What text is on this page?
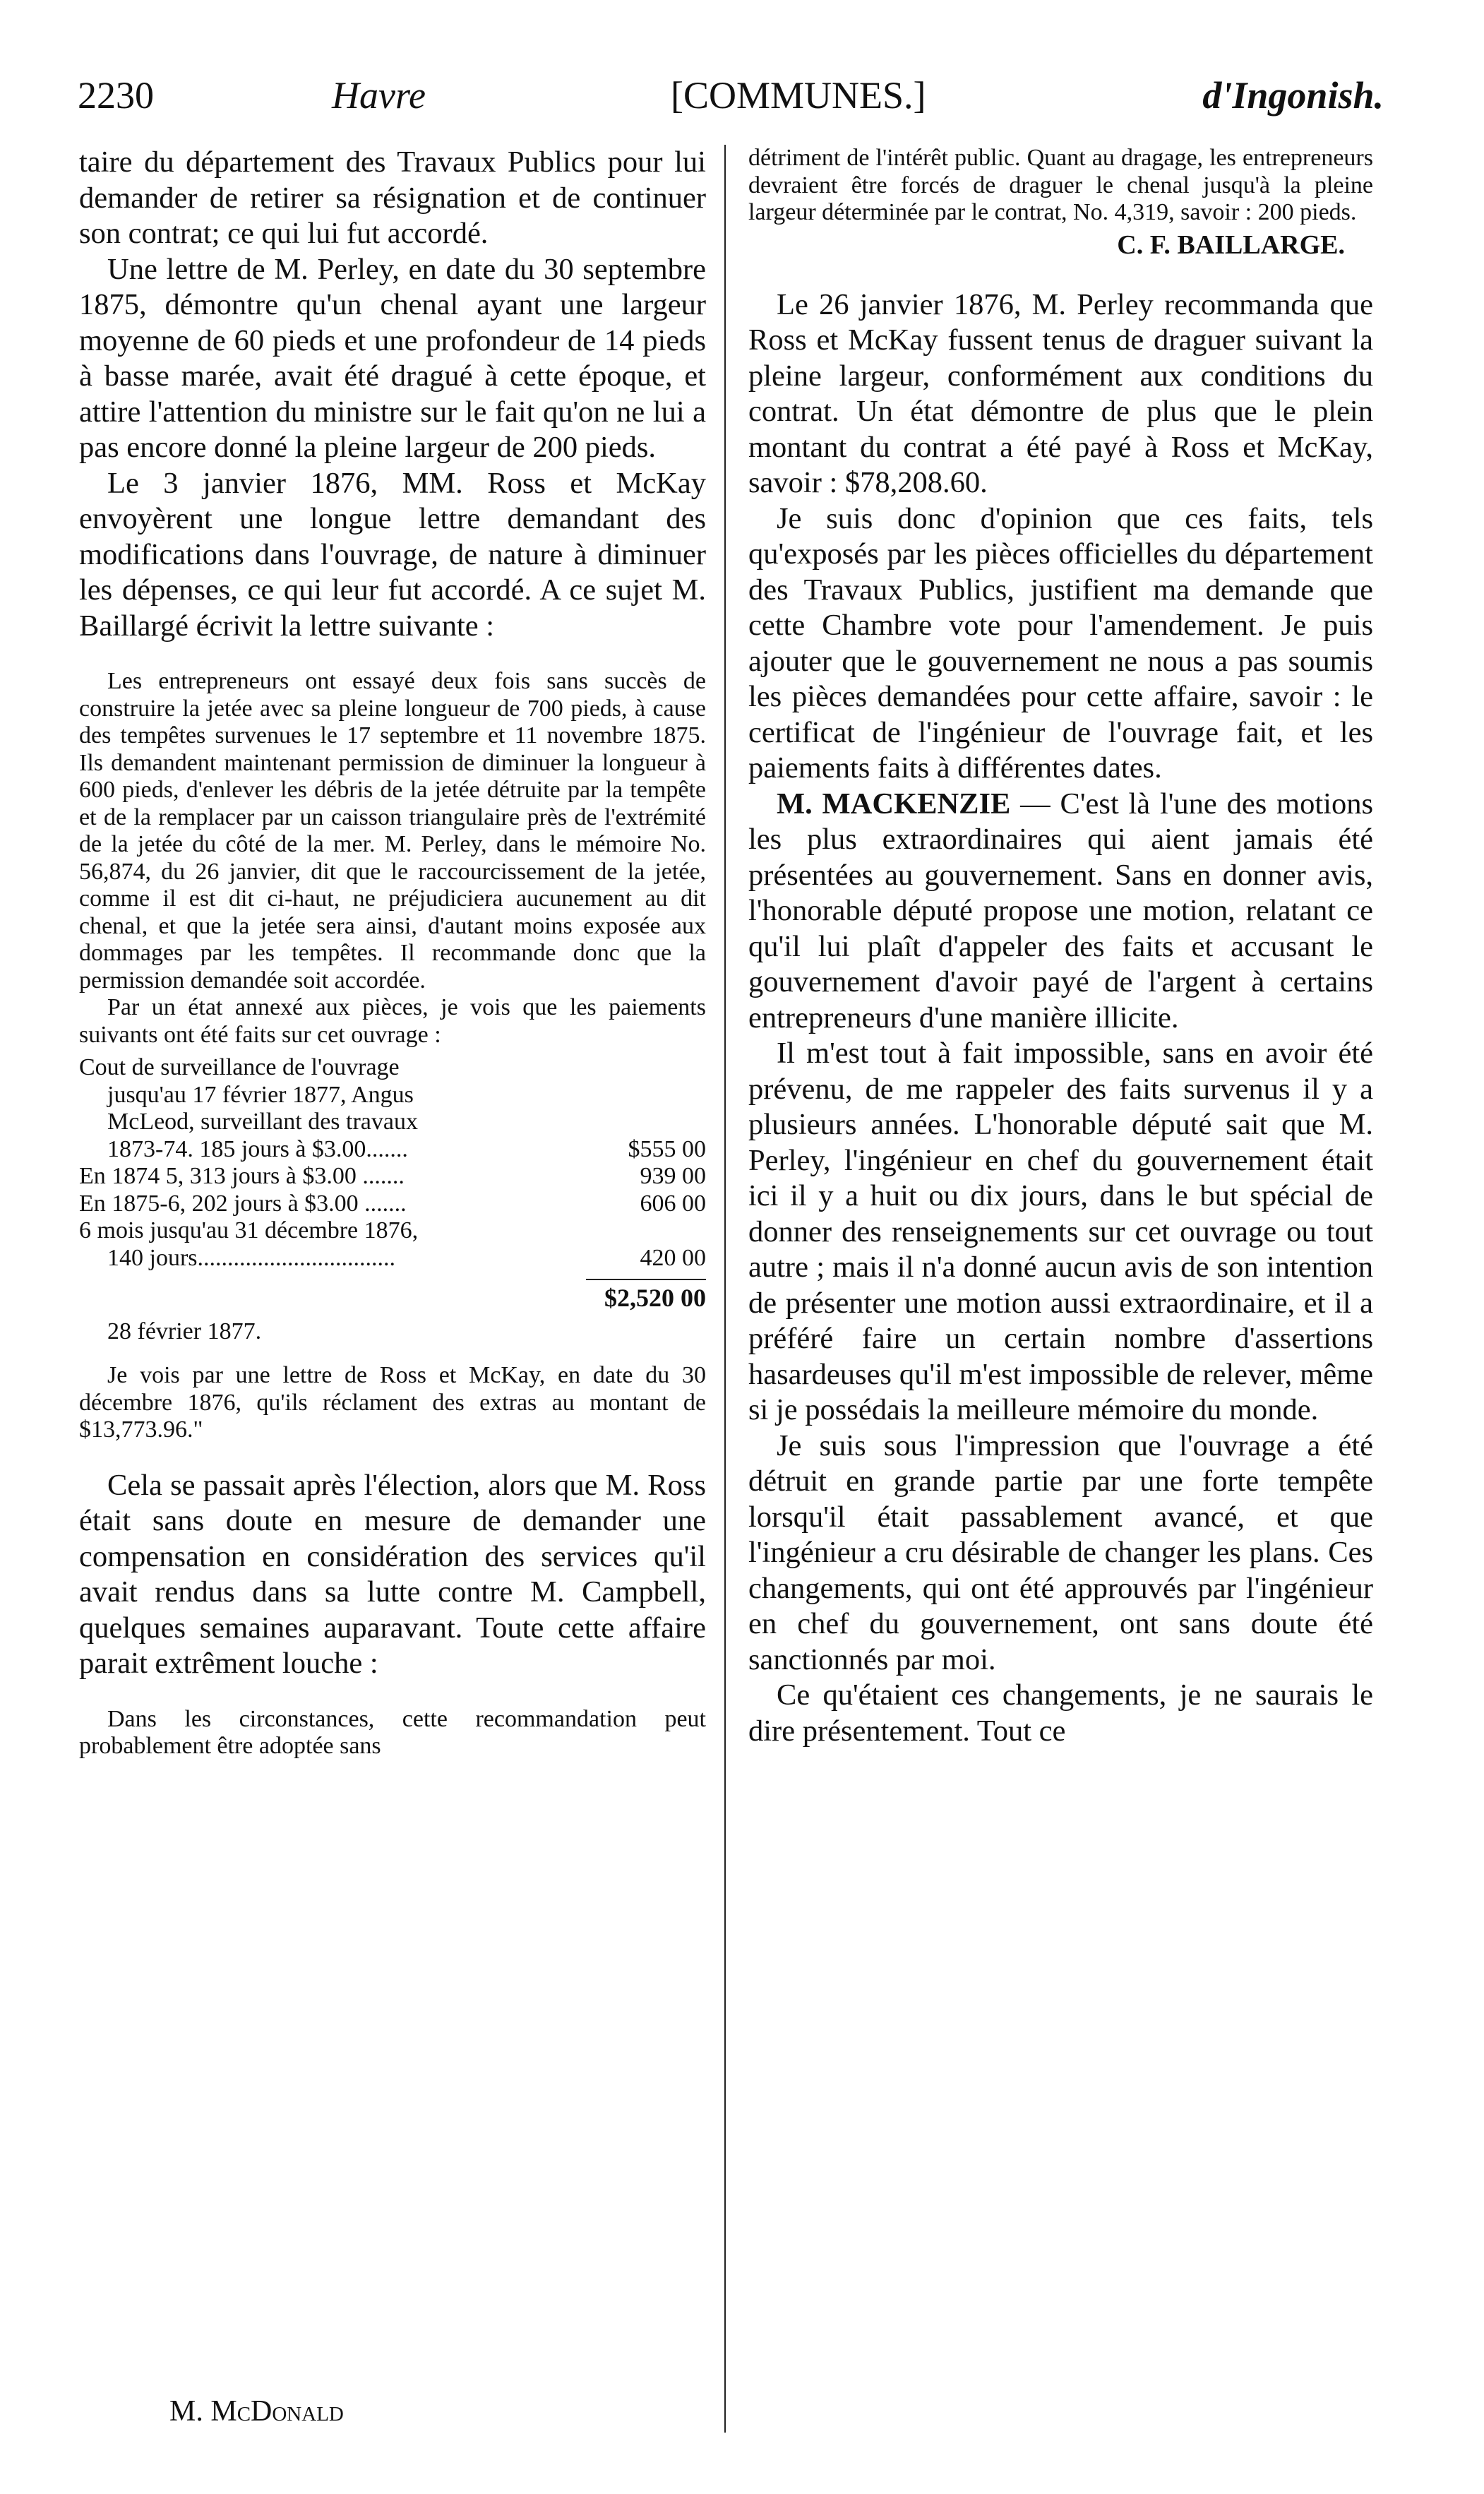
2230	Havre	[COMMUNES.]	d'Ingonish.

taire du département des Travaux Publics pour lui demander de retirer sa résignation et de continuer son contrat; ce qui lui fut accordé.

Une lettre de M. Perley, en date du 30 septembre 1875, démontre qu'un chenal ayant une largeur moyenne de 60 pieds et une profondeur de 14 pieds à basse marée, avait été dragué à cette époque, et attire l'attention du ministre sur le fait qu'on ne lui a pas encore donné la pleine largeur de 200 pieds.

Le 3 janvier 1876, MM. Ross et McKay envoyèrent une longue lettre demandant des modifications dans l'ouvrage, de nature à diminuer les dépenses, ce qui leur fut accordé. A ce sujet M. Baillargé écrivit la lettre suivante :

Les entrepreneurs ont essayé deux fois sans succès de construire la jetée avec sa pleine longueur de 700 pieds, à cause des tempêtes survenues le 17 septembre et 11 novembre 1875. Ils demandent maintenant permission de diminuer la longueur à 600 pieds, d'enlever les débris de la jetée détruite par la tempête et de la remplacer par un caisson triangulaire près de l'extrémité de la jetée du côté de la mer. M. Perley, dans le mémoire No. 56,874, du 26 janvier, dit que le raccourcissement de la jetée, comme il est dit ci-haut, ne préjudiciera aucunement au dit chenal, et que la jetée sera ainsi, d'autant moins exposée aux dommages par les tempêtes. Il recommande donc que la permission demandée soit accordée.

Par un état annexé aux pièces, je vois que les paiements suivants ont été faits sur cet ouvrage :

Cout de surveillance de l'ouvrage
jusqu'au 17 février 1877, Angus
McLeod, surveillant des travaux
1873-74. 185 jours à $3.00.......	$555 00
En 1874 5, 313 jours à $3.00 .......	939 00
En 1875-6, 202 jours à $3.00 .......	606 00
6 mois jusqu'au 31 décembre 1876,
140 jours.................................	420 00
$2,520 00
28 février 1877.

Je vois par une lettre de Ross et McKay, en date du 30 décembre 1876, qu'ils réclament des extras au montant de $13,773.96."

Cela se passait après l'élection, alors que M. Ross était sans doute en mesure de demander une compensation en considération des services qu'il avait rendus dans sa lutte contre M. Campbell, quelques semaines auparavant. Toute cette affaire parait extrêment louche :

Dans les circonstances, cette recommandation peut probablement être adoptée sans

détriment de l'intérêt public. Quant au dragage, les entrepreneurs devraient être forcés de draguer le chenal jusqu'à la pleine largeur déterminée par le contrat, No. 4,319, savoir : 200 pieds.

C. F. BAILLARGE.

Le 26 janvier 1876, M. Perley recommanda que Ross et McKay fussent tenus de draguer suivant la pleine largeur, conformément aux conditions du contrat. Un état démontre de plus que le plein montant du contrat a été payé à Ross et McKay, savoir : $78,208.60.

Je suis donc d'opinion que ces faits, tels qu'exposés par les pièces officielles du département des Travaux Publics, justifient ma demande que cette Chambre vote pour l'amendement. Je puis ajouter que le gouvernement ne nous a pas soumis les pièces demandées pour cette affaire, savoir : le certificat de l'ingénieur de l'ouvrage fait, et les paiements faits à différentes dates.

M. MACKENZIE — C'est là l'une des motions les plus extraordinaires qui aient jamais été présentées au gouvernement. Sans en donner avis, l'honorable député propose une motion, relatant ce qu'il lui plaît d'appeler des faits et accusant le gouvernement d'avoir payé de l'argent à certains entrepreneurs d'une manière illicite.

Il m'est tout à fait impossible, sans en avoir été prévenu, de me rappeler des faits survenus il y a plusieurs années. L'honorable député sait que M. Perley, l'ingénieur en chef du gouvernement était ici il y a huit ou dix jours, dans le but spécial de donner des renseignements sur cet ouvrage ou tout autre ; mais il n'a donné aucun avis de son intention de présenter une motion aussi extraordinaire, et il a préféré faire un certain nombre d'assertions hasardeuses qu'il m'est impossible de relever, même si je possédais la meilleure mémoire du monde.

Je suis sous l'impression que l'ouvrage a été détruit en grande partie par une forte tempête lorsqu'il était passablement avancé, et que l'ingénieur a cru désirable de changer les plans. Ces changements, qui ont été approuvés par l'ingénieur en chef du gouvernement, ont sans doute été sanctionnés par moi.

Ce qu'étaient ces changements, je ne saurais le dire présentement. Tout ce

M. McDonald
